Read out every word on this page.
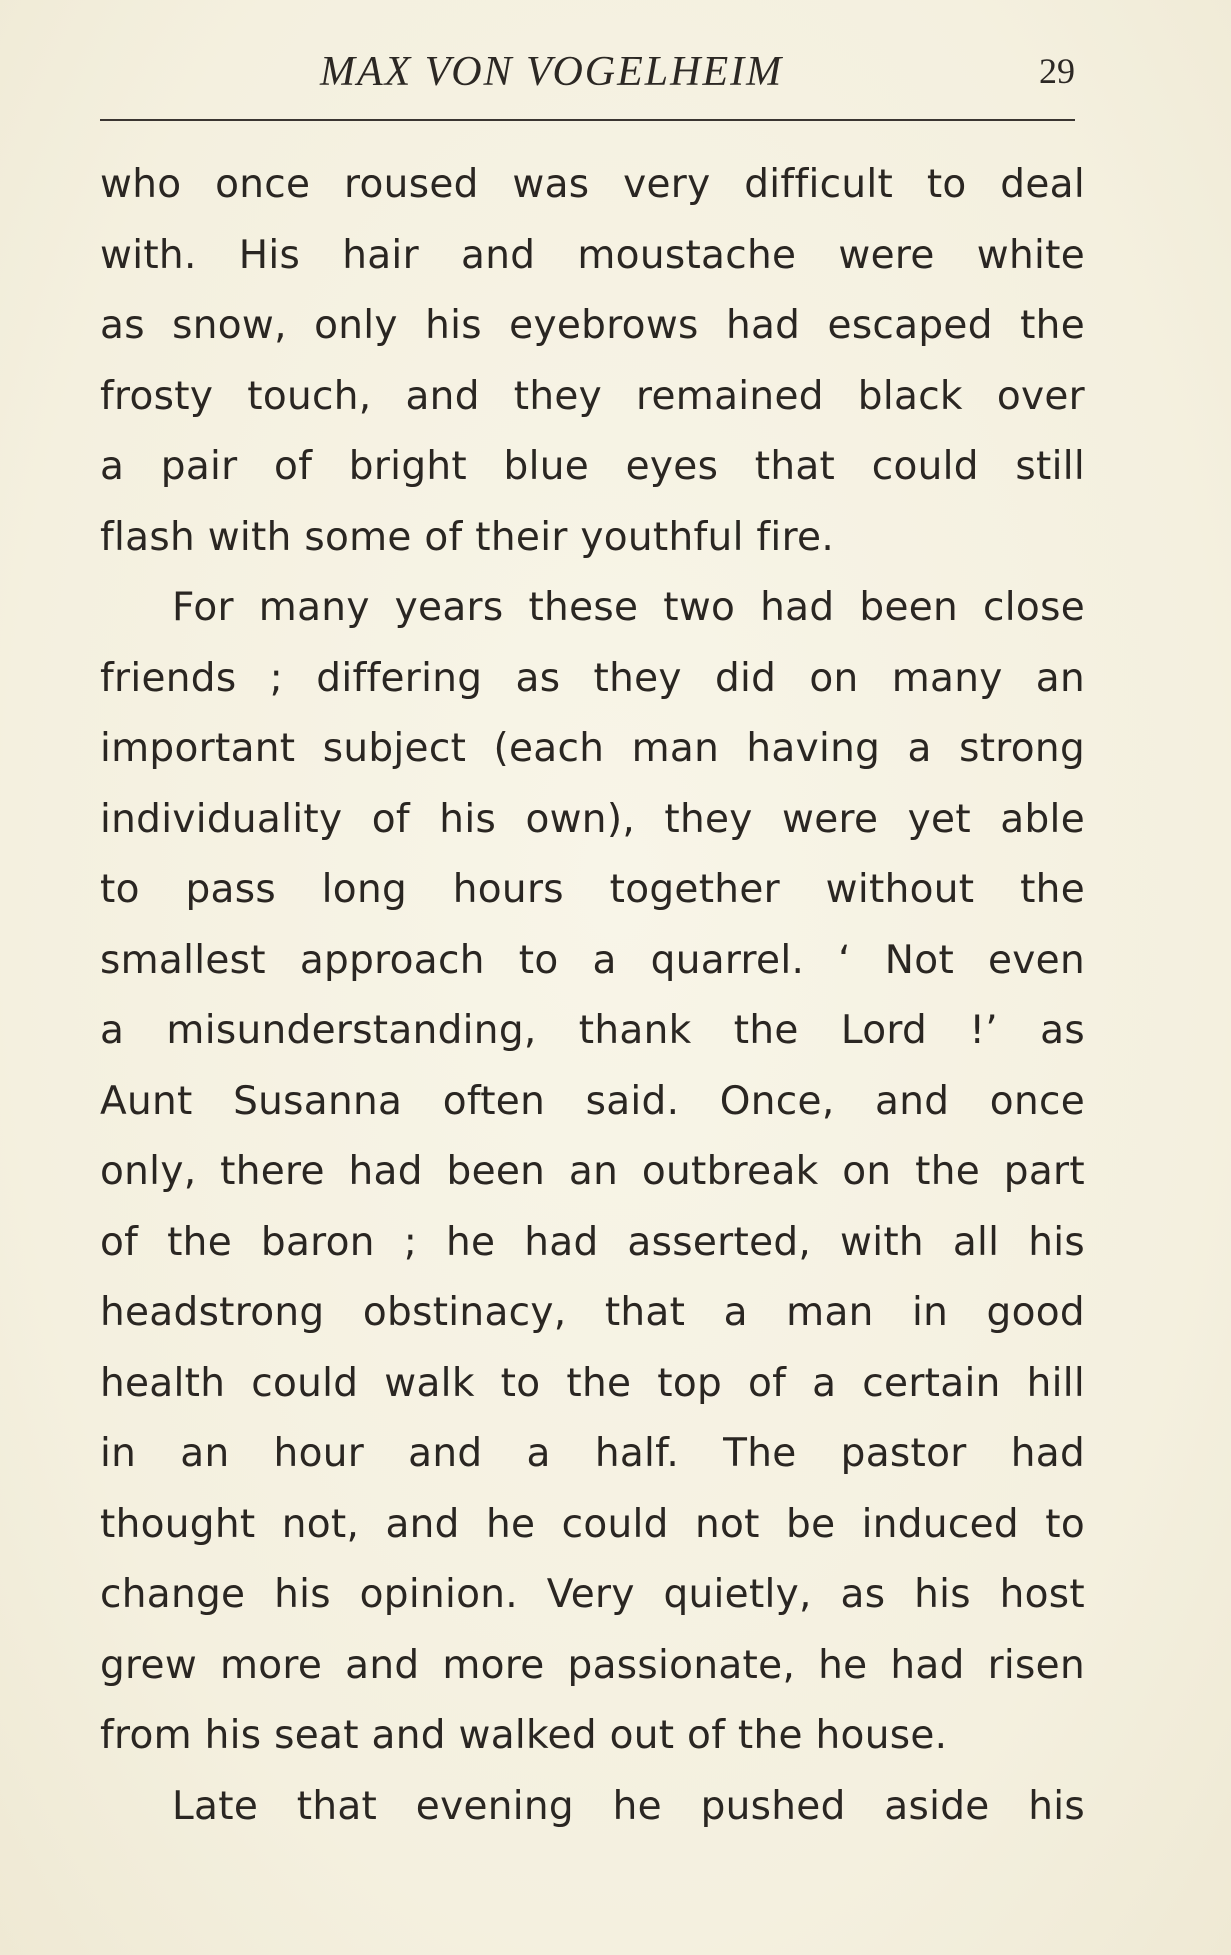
MAX VON VOGELHEIM	29
who once roused was very difficult to deal
with. His hair and moustache were white
as snow, only his eyebrows had escaped the
frosty touch, and they remained black over
a pair of bright blue eyes that could still
flash with some of their youthful fire.
For many years these two had been close
friends ; differing as they did on many an
important subject (each man having a strong
individuality of his own), they were yet able
to pass long hours together without the
smallest approach to a quarrel. ‘ Not even
a misunderstanding, thank the Lord !’ as
Aunt Susanna often said. Once, and once
only, there had been an outbreak on the part
of the baron ; he had asserted, with all his
headstrong obstinacy, that a man in good
health could walk to the top of a certain hill
in an hour and a half. The pastor had
thought not, and he could not be induced to
change his opinion. Very quietly, as his host
grew more and more passionate, he had risen
from his seat and walked out of the house.
Late that evening he pushed aside his
